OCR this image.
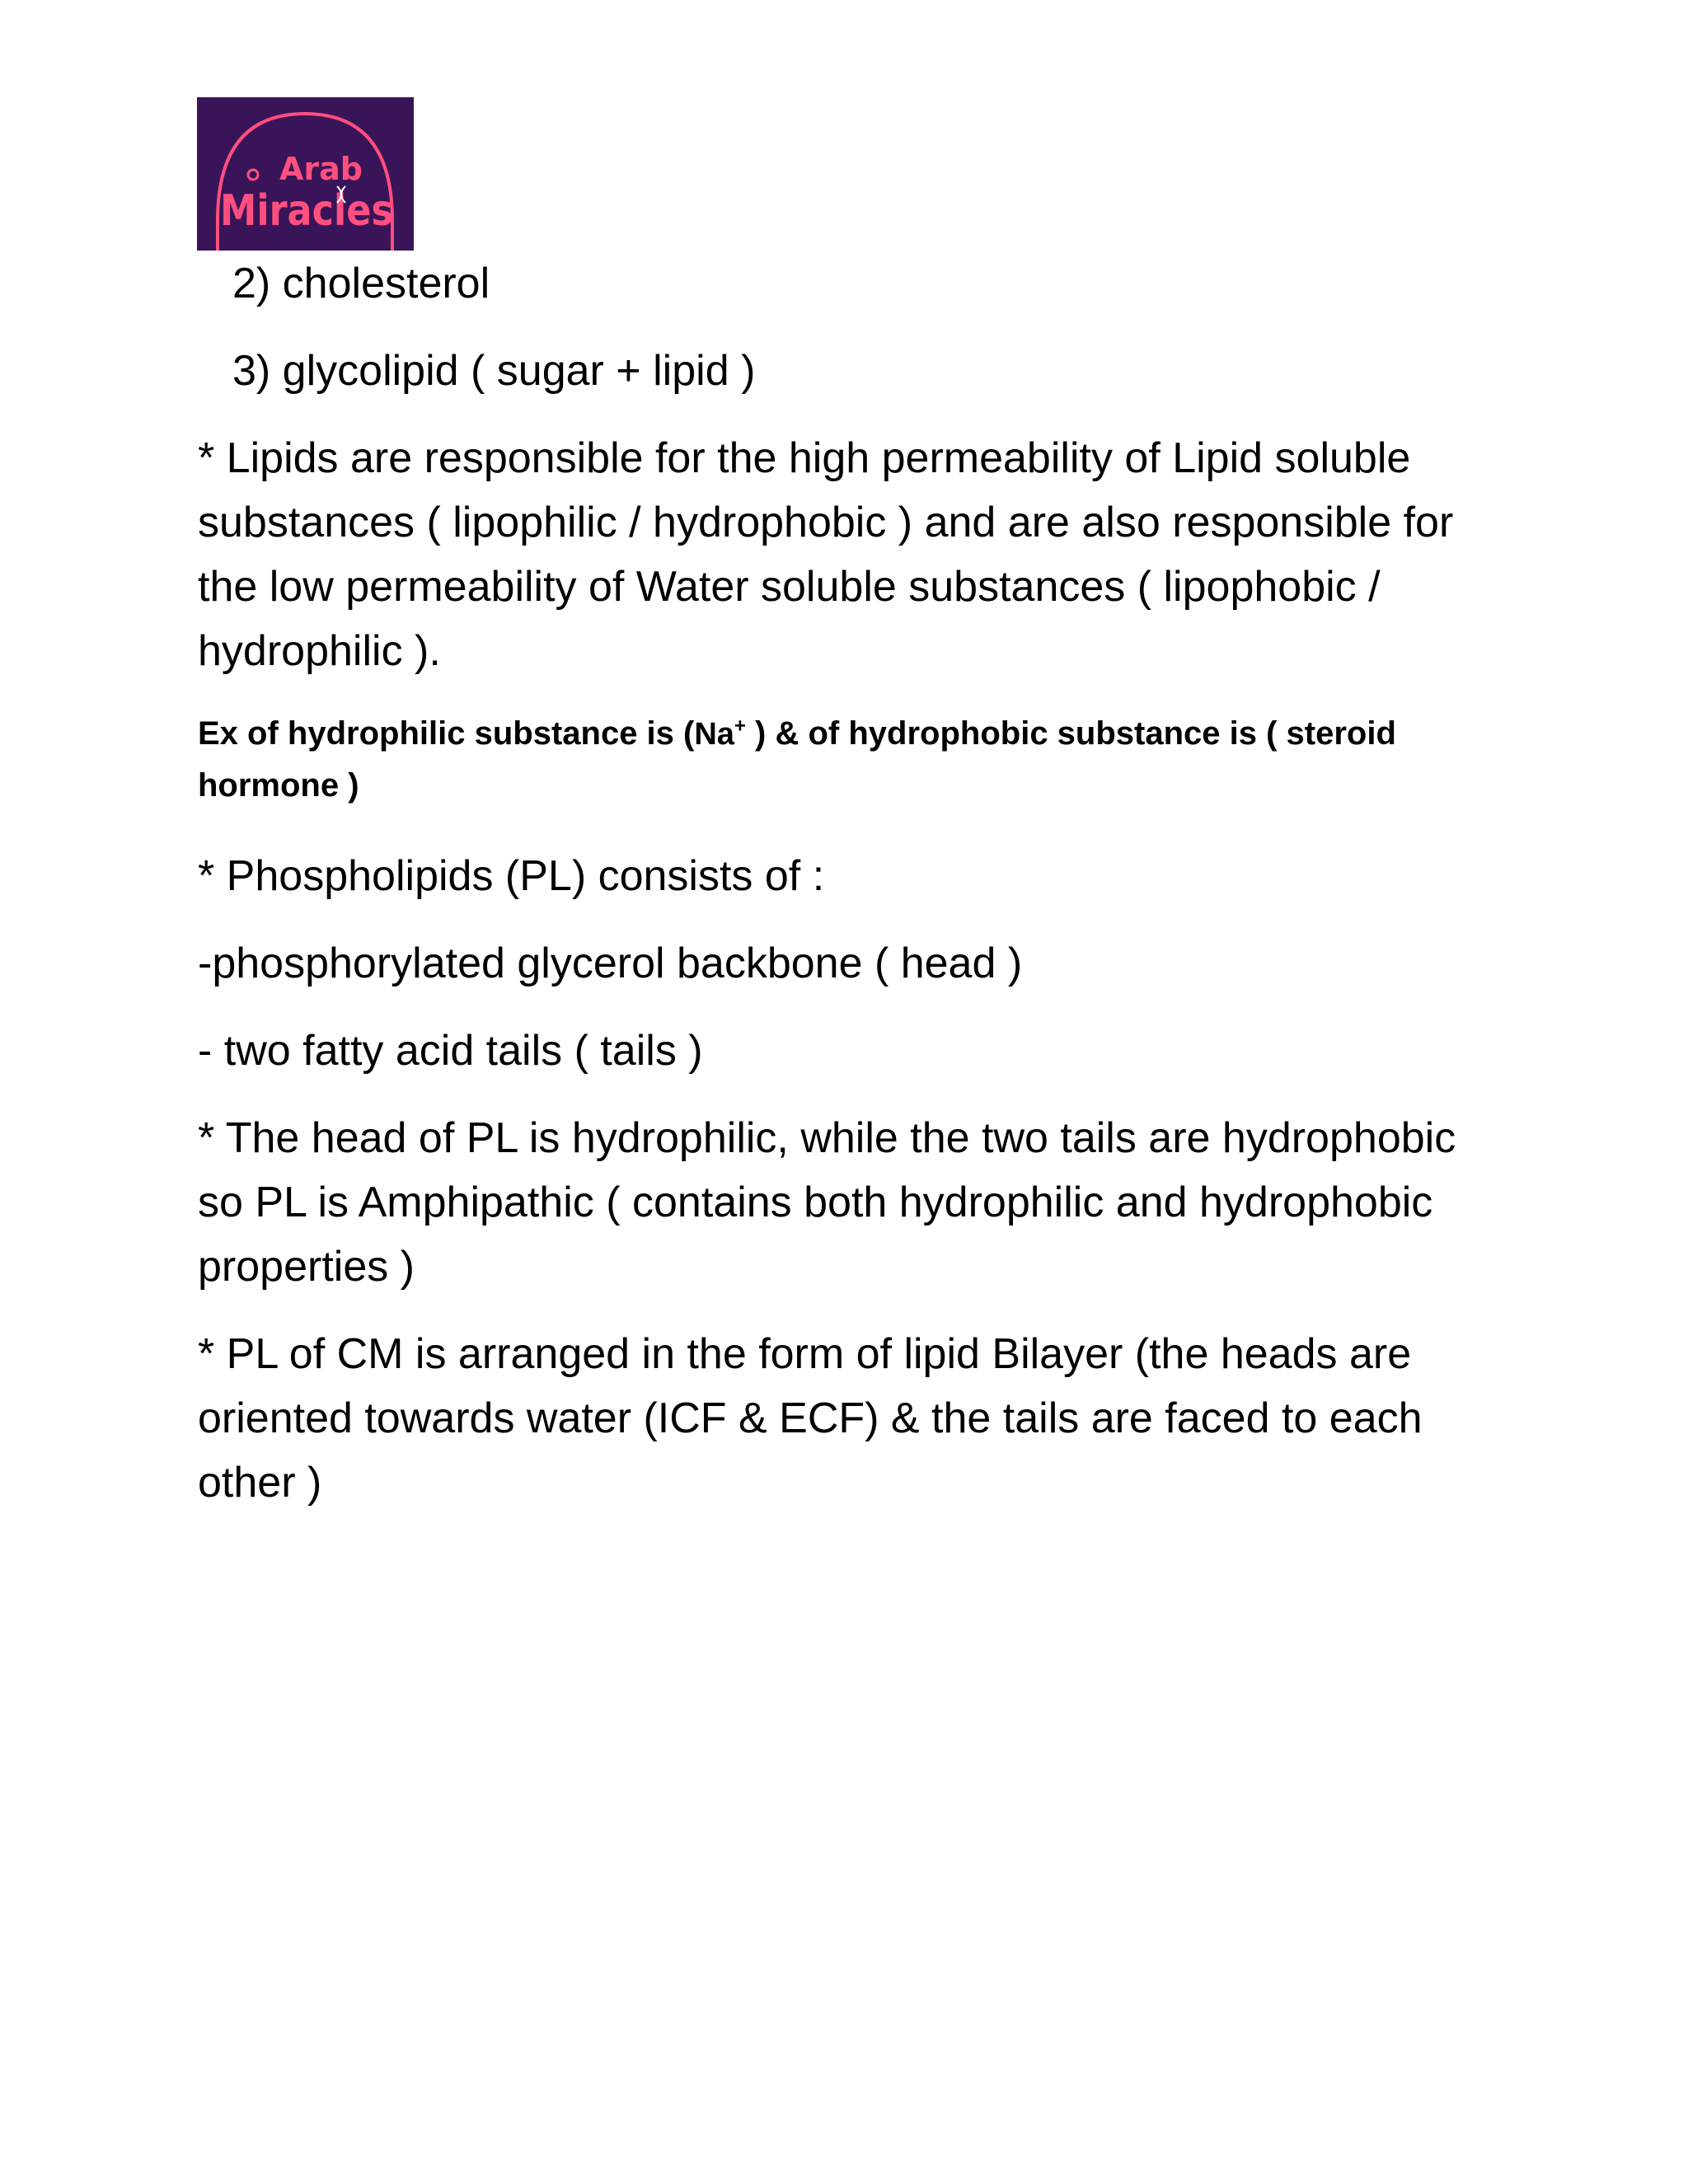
Arab
Miracles

2) cholesterol

3) glycolipid ( sugar + lipid )

* Lipids are responsible for the high permeability of Lipid soluble substances ( lipophilic / hydrophobic ) and are also responsible for the low permeability of Water soluble substances ( lipophobic / hydrophilic ).

Ex of hydrophilic substance is (Na+ ) & of hydrophobic substance is ( steroid hormone )

* Phospholipids (PL) consists of :

-phosphorylated glycerol backbone ( head )

- two fatty acid tails ( tails )

* The head of PL is hydrophilic, while the two tails are hydrophobic so PL is Amphipathic ( contains both hydrophilic and hydrophobic properties )

* PL of CM is arranged in the form of lipid Bilayer (the heads are oriented towards water (ICF & ECF) & the tails are faced to each other )
